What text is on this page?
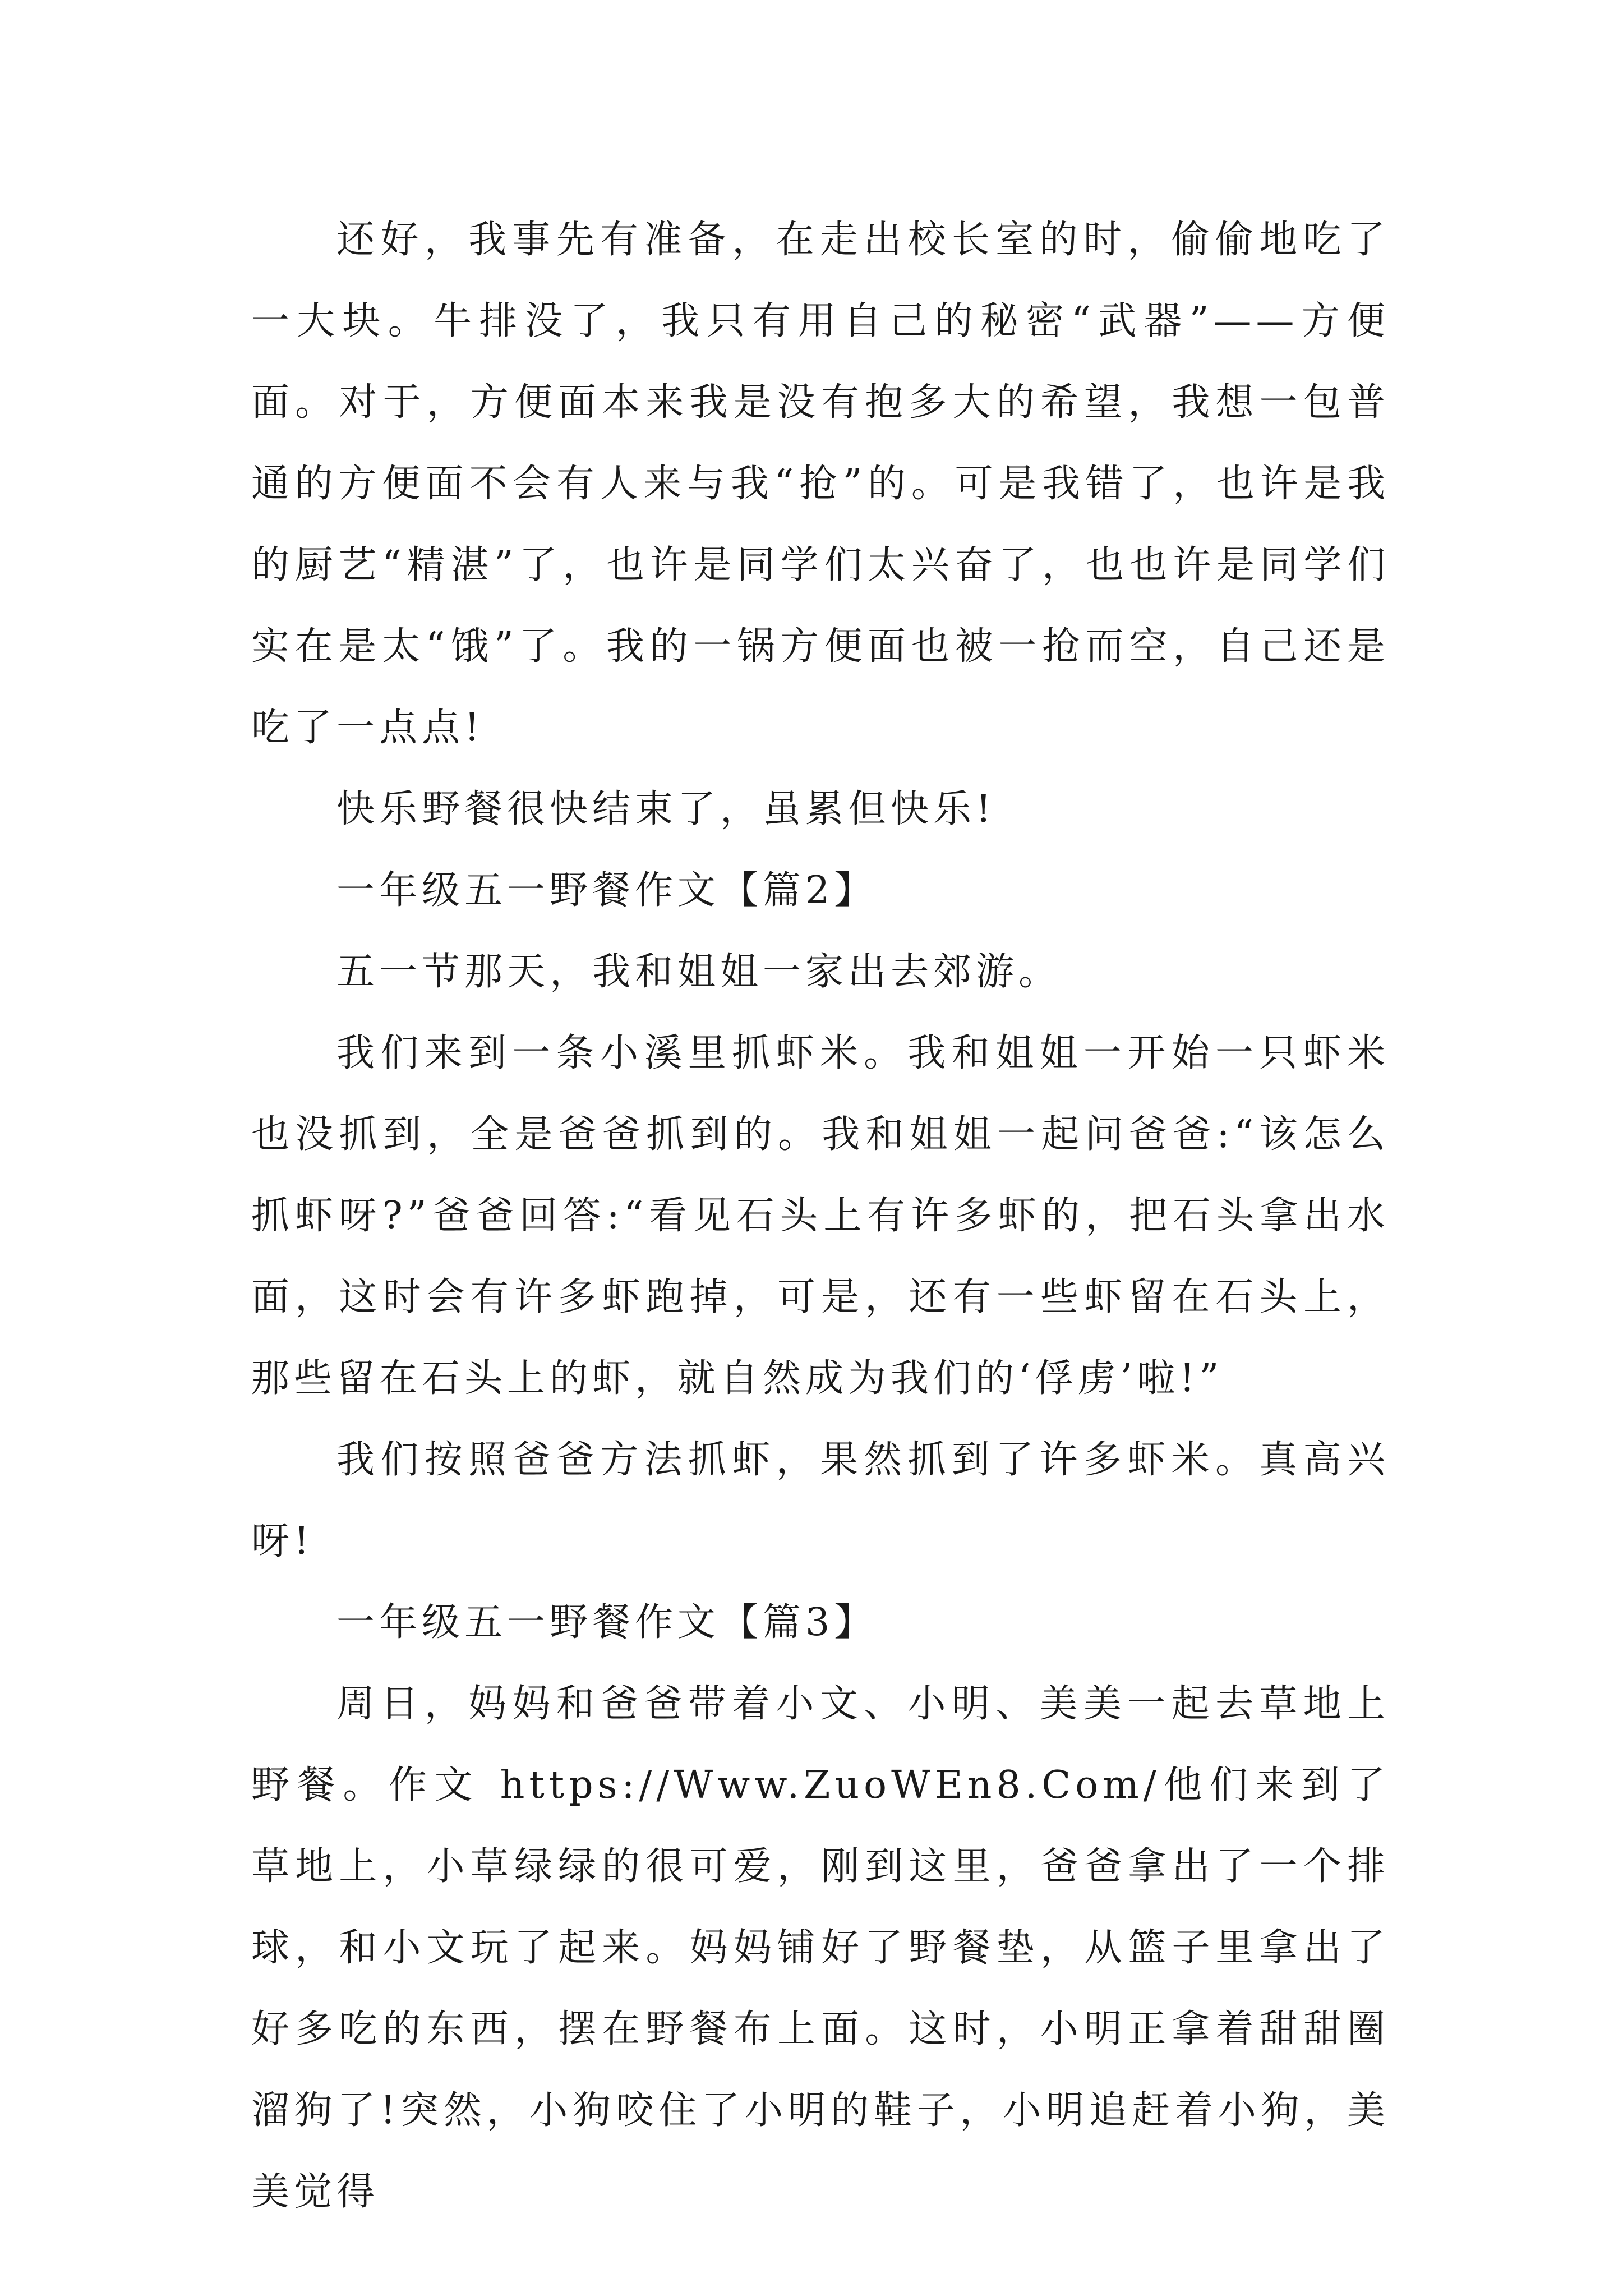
还好，我事先有准备，在走出校长室的时，偷偷地吃了一大块。牛排没了，我只有用自己的秘密“武器”——方便面。对于，方便面本来我是没有抱多大的希望，我想一包普通的方便面不会有人来与我“抢”的。可是我错了，也许是我的厨艺“精湛”了，也许是同学们太兴奋了，也也许是同学们实在是太“饿”了。我的一锅方便面也被一抢而空，自己还是吃了一点点!

快乐野餐很快结束了，虽累但快乐!

一年级五一野餐作文【篇2】

五一节那天，我和姐姐一家出去郊游。

我们来到一条小溪里抓虾米。我和姐姐一开始一只虾米也没抓到，全是爸爸抓到的。我和姐姐一起问爸爸:“该怎么抓虾呀?”爸爸回答:“看见石头上有许多虾的，把石头拿出水面，这时会有许多虾跑掉，可是，还有一些虾留在石头上，那些留在石头上的虾，就自然成为我们的‘俘虏’啦!”

我们按照爸爸方法抓虾，果然抓到了许多虾米。真高兴呀!

一年级五一野餐作文【篇3】

周日，妈妈和爸爸带着小文、小明、美美一起去草地上野餐。作文 https://Www.ZuoWEn8.Com/他们来到了草地上，小草绿绿的很可爱，刚到这里，爸爸拿出了一个排球，和小文玩了起来。妈妈铺好了野餐垫，从篮子里拿出了好多吃的东西，摆在野餐布上面。这时，小明正拿着甜甜圈溜狗了!突然，小狗咬住了小明的鞋子，小明追赶着小狗，美美觉得
